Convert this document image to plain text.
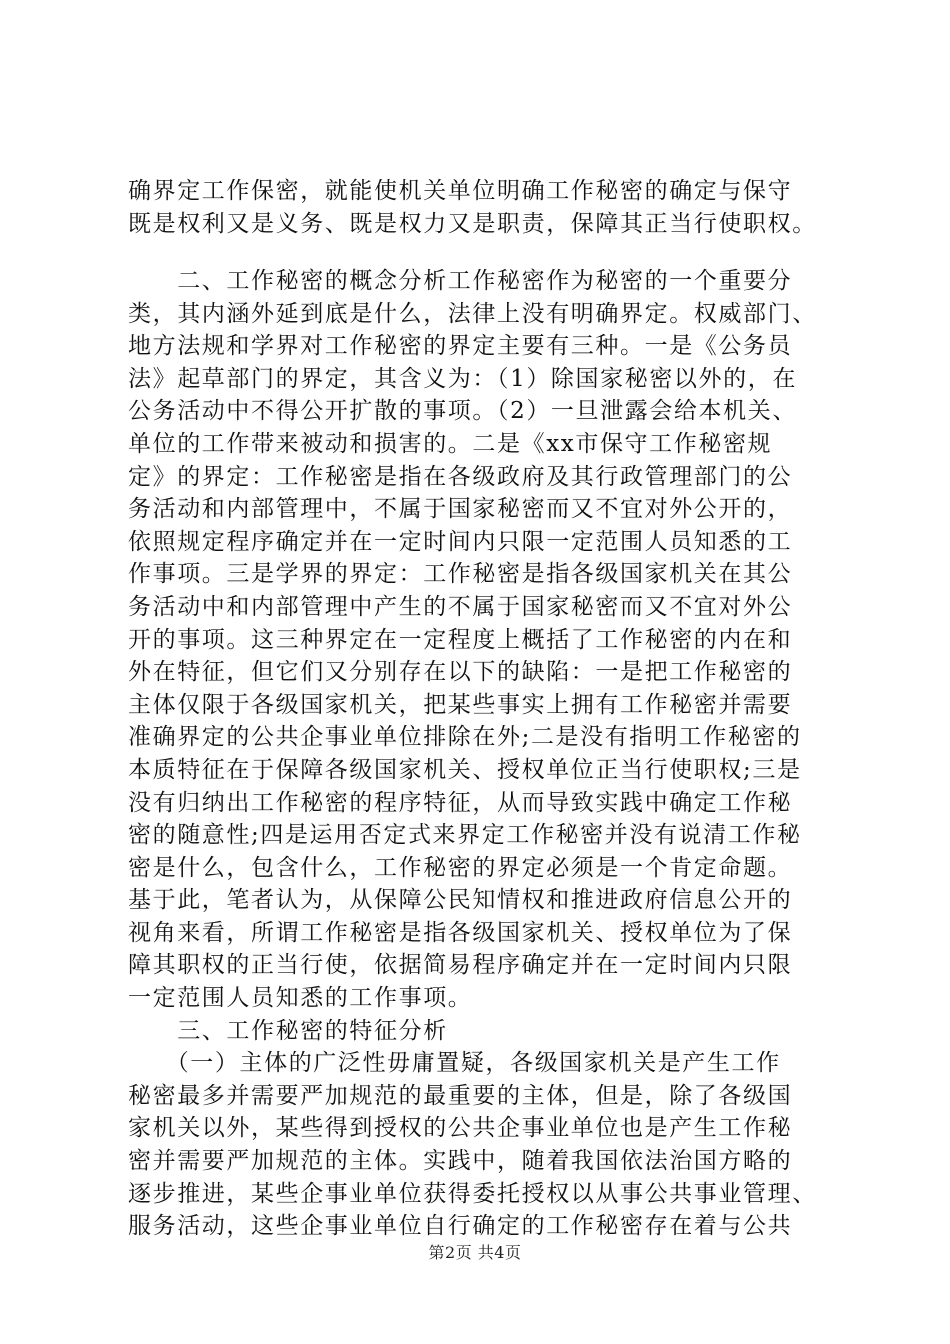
确界定工作保密，就能使机关单位明确工作秘密的确定与保守
既是权利又是义务、既是权力又是职责，保障其正当行使职权。
　　二、工作秘密的概念分析工作秘密作为秘密的一个重要分
类，其内涵外延到底是什么，法律上没有明确界定。权威部门、
地方法规和学界对工作秘密的界定主要有三种。一是《公务员
法》起草部门的界定，其含义为：（1）除国家秘密以外的，在
公务活动中不得公开扩散的事项。（2）一旦泄露会给本机关、
单位的工作带来被动和损害的。二是《xx市保守工作秘密规
定》的界定：工作秘密是指在各级政府及其行政管理部门的公
务活动和内部管理中，不属于国家秘密而又不宜对外公开的，
依照规定程序确定并在一定时间内只限一定范围人员知悉的工
作事项。三是学界的界定：工作秘密是指各级国家机关在其公
务活动中和内部管理中产生的不属于国家秘密而又不宜对外公
开的事项。这三种界定在一定程度上概括了工作秘密的内在和
外在特征，但它们又分别存在以下的缺陷：一是把工作秘密的
主体仅限于各级国家机关，把某些事实上拥有工作秘密并需要
准确界定的公共企事业单位排除在外;二是没有指明工作秘密的
本质特征在于保障各级国家机关、授权单位正当行使职权;三是
没有归纳出工作秘密的程序特征，从而导致实践中确定工作秘
密的随意性;四是运用否定式来界定工作秘密并没有说清工作秘
密是什么，包含什么，工作秘密的界定必须是一个肯定命题。
基于此，笔者认为，从保障公民知情权和推进政府信息公开的
视角来看，所谓工作秘密是指各级国家机关、授权单位为了保
障其职权的正当行使，依据简易程序确定并在一定时间内只限
一定范围人员知悉的工作事项。
　　三、工作秘密的特征分析
　　（一）主体的广泛性毋庸置疑，各级国家机关是产生工作
秘密最多并需要严加规范的最重要的主体，但是，除了各级国
家机关以外，某些得到授权的公共企事业单位也是产生工作秘
密并需要严加规范的主体。实践中，随着我国依法治国方略的
逐步推进，某些企事业单位获得委托授权以从事公共事业管理、
服务活动，这些企事业单位自行确定的工作秘密存在着与公共
第2页 共4页
